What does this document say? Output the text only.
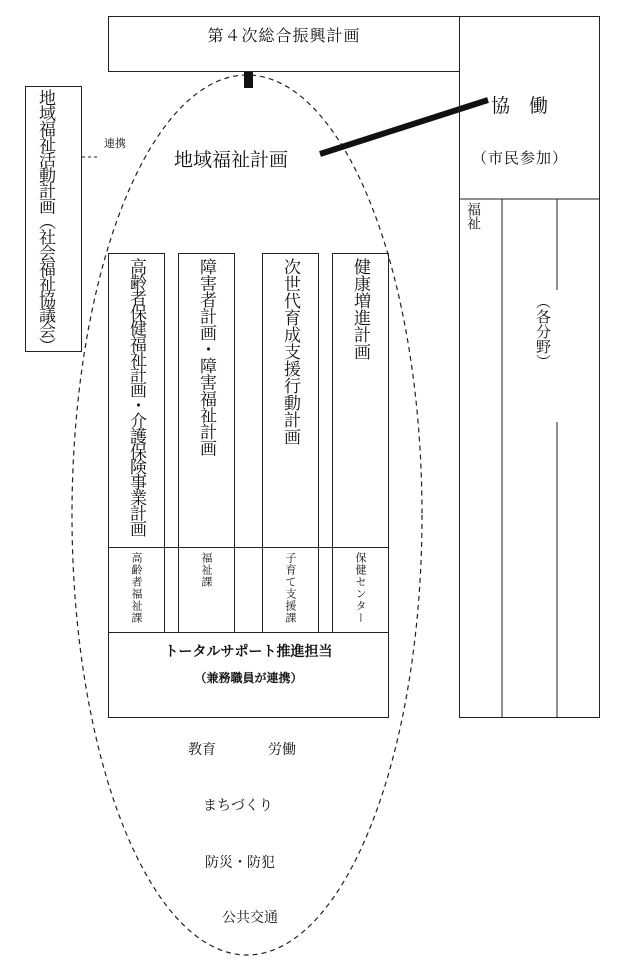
第４次総合振興計画
協　働
（市民参加）
福祉
（各分野）
地域福祉活動計画（社会福祉協議会）	連携
地域福祉計画
高齢者保健福祉計画・介護保険事業計画	障害者計画・障害福祉計画	次世代育成支援行動計画	健康増進計画
高齢者福祉課	福祉課	子育て支援課	保健センター
トータルサポート推進担当
（兼務職員が連携）
教育	労働
まちづくり
防災・防犯
公共交通
